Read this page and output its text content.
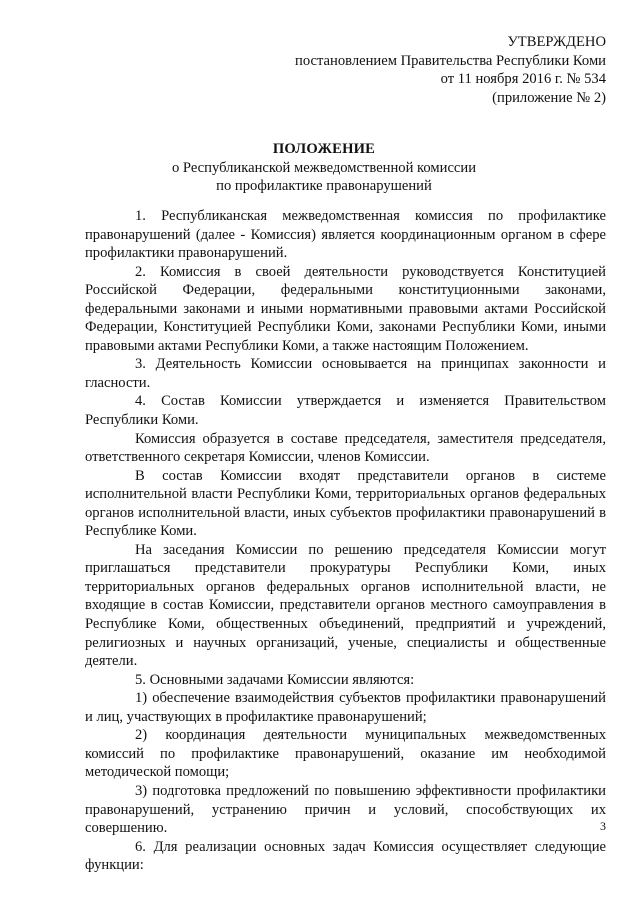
УТВЕРЖДЕНО
постановлением Правительства Республики Коми
от 11 ноября 2016 г. № 534
(приложение № 2)
ПОЛОЖЕНИЕ
о Республиканской межведомственной комиссии
по профилактике правонарушений

1. Республиканская межведомственная комиссия по профилактике правонарушений (далее - Комиссия) является координационным органом в сфере профилактики правонарушений.

2. Комиссия в своей деятельности руководствуется Конституцией Российской Федерации, федеральными конституционными законами, федеральными законами и иными нормативными правовыми актами Российской Федерации, Конституцией Республики Коми, законами Республики Коми, иными правовыми актами Республики Коми, а также настоящим Положением.

3. Деятельность Комиссии основывается на принципах законности и гласности.

4. Состав Комиссии утверждается и изменяется Правительством Республики Коми.

Комиссия образуется в составе председателя, заместителя председателя, ответственного секретаря Комиссии, членов Комиссии.

В состав Комиссии входят представители органов в системе исполнительной власти Республики Коми, территориальных органов федеральных органов исполнительной власти, иных субъектов профилактики правонарушений в Республике Коми.

На заседания Комиссии по решению председателя Комиссии могут приглашаться представители прокуратуры Республики Коми, иных территориальных органов федеральных органов исполнительной власти, не входящие в состав Комиссии, представители органов местного самоуправления в Республике Коми, общественных объединений, предприятий и учреждений, религиозных и научных организаций, ученые, специалисты и общественные деятели.

5. Основными задачами Комиссии являются:

1) обеспечение взаимодействия субъектов профилактики правонарушений и лиц, участвующих в профилактике правонарушений;

2) координация деятельности муниципальных межведомственных комиссий по профилактике правонарушений, оказание им необходимой методической помощи;

3) подготовка предложений по повышению эффективности профилактики правонарушений, устранению причин и условий, способствующих их совершению.

6. Для реализации основных задач Комиссия осуществляет следующие функции:

3
